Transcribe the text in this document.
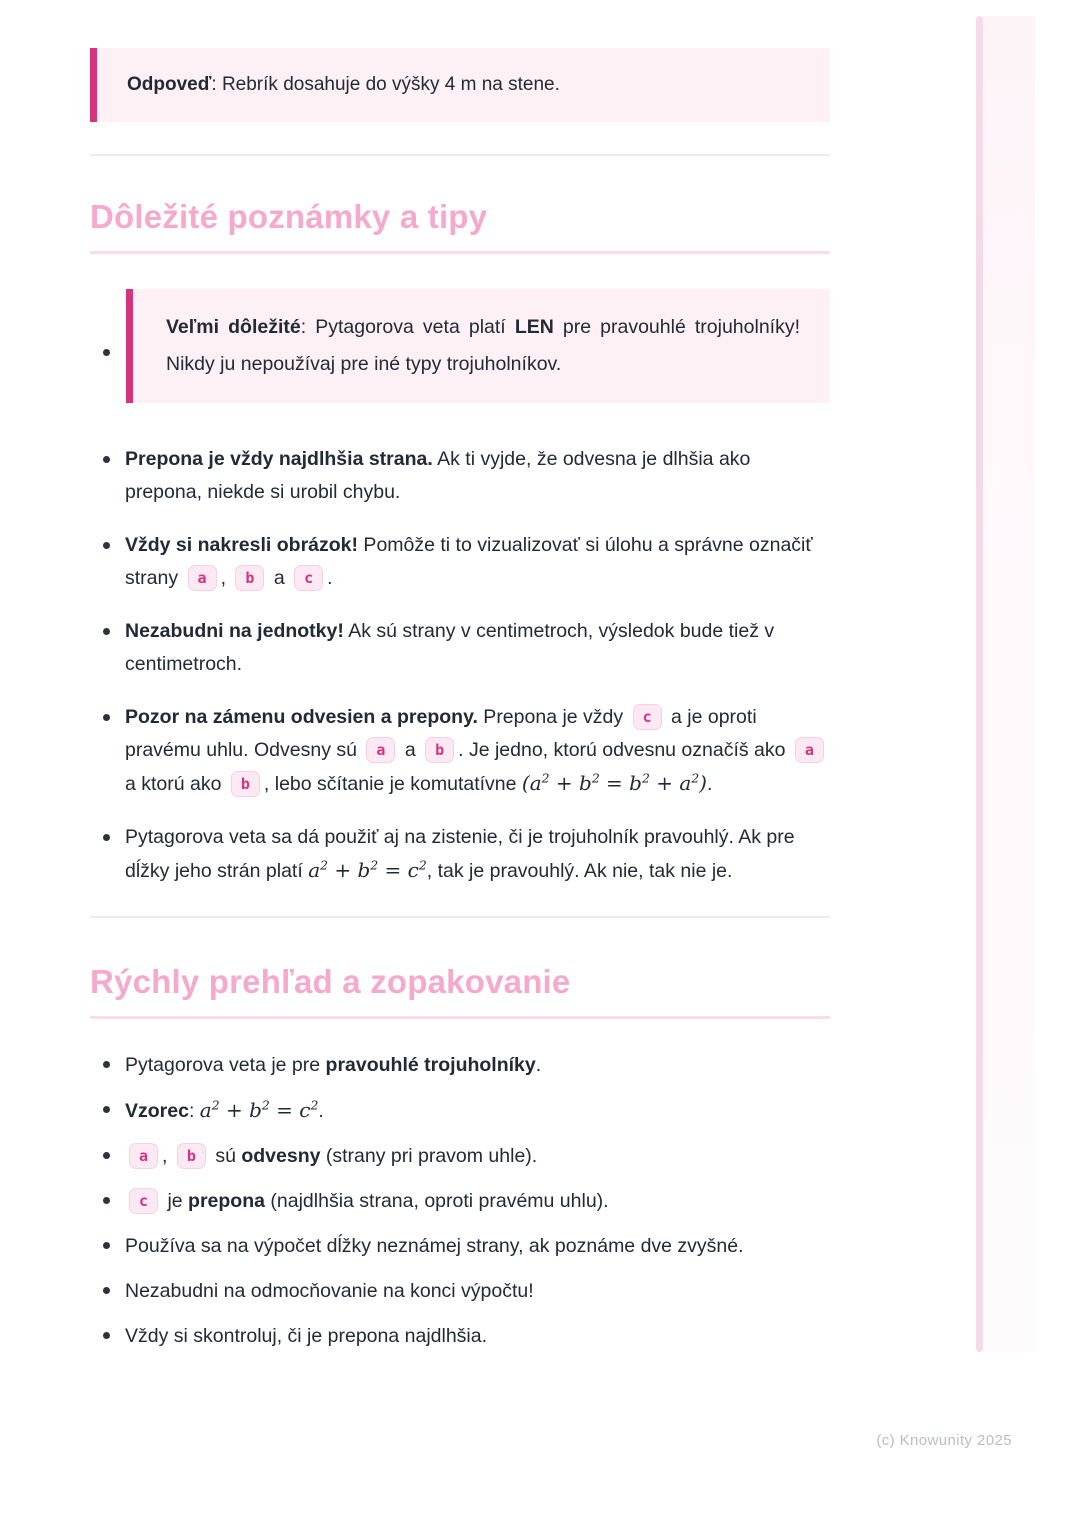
Odpoveď: Rebrík dosahuje do výšky 4 m na stene.
Dôležité poznámky a tipy
Veľmi dôležité: Pytagorova veta platí LEN pre pravouhlé trojuholníky! Nikdy ju nepoužívaj pre iné typy trojuholníkov.
Prepona je vždy najdlhšia strana. Ak ti vyjde, že odvesna je dlhšia ako prepona, niekde si urobil chybu.
Vždy si nakresli obrázok! Pomôže ti to vizualizovať si úlohu a správne označiť strany a , b a c .
Nezabudni na jednotky! Ak sú strany v centimetroch, výsledok bude tiež v centimetroch.
Pozor na zámenu odvesien a prepony. Prepona je vždy c a je oproti pravému uhlu. Odvesny sú a a b . Je jedno, ktorú odvesnu označíš ako a a ktorú ako b , lebo sčítanie je komutatívne $(a^2 + b^2 = b^2 + a^2)$.
Pytagorova veta sa dá použiť aj na zistenie, či je trojuholník pravouhlý. Ak pre dĺžky jeho strán platí $a^2 + b^2 = c^2$, tak je pravouhlý. Ak nie, tak nie je.
Rýchly prehľad a zopakovanie
Pytagorova veta je pre pravouhlé trojuholníky.
Vzorec: $a^2 + b^2 = c^2$.
a , b sú odvesny (strany pri pravom uhle).
c je prepona (najdlhšia strana, oproti pravému uhlu).
Používa sa na výpočet dĺžky neznámej strany, ak poznáme dve zvyšné.
Nezabudni na odmocňovanie na konci výpočtu!
Vždy si skontroluj, či je prepona najdlhšia.
(c) Knowunity 2025
